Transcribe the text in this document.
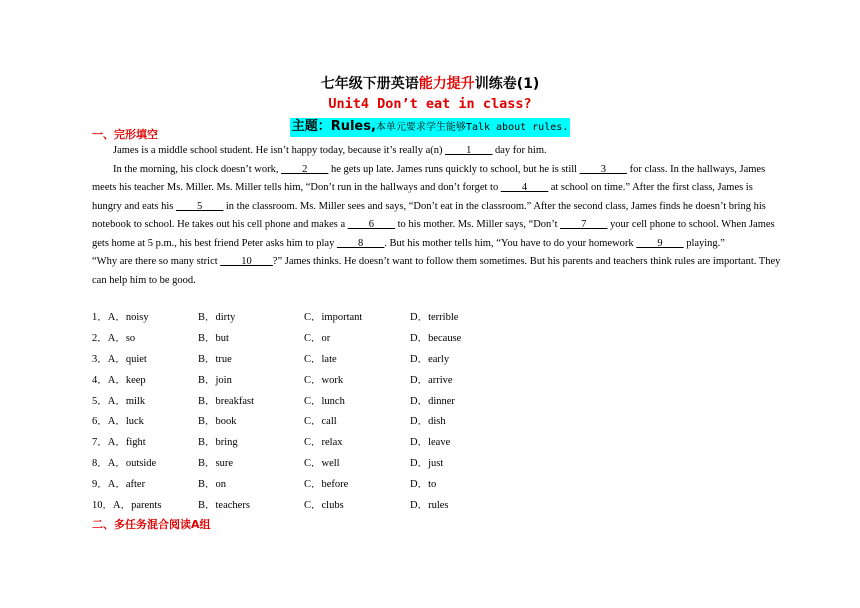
七年级下册英语能力提升训练卷(1)
Unit4 Don’t eat in class?
主题：Rules,本单元要求学生能够Talk about rules.
一、完形填空

James is a middle school student. He isn’t happy today, because it’s really a(n) ____1____ day for him.

In the morning, his clock doesn’t work, ____2____ he gets up late. James runs quickly to school, but he is still ____3____ for class. In the hallways, James meets his teacher Ms. Miller. Ms. Miller tells him, “Don’t run in the hallways and don’t forget to ____4____ at school on time.” After the first class, James is hungry and eats his ____5____ in the classroom. Ms. Miller sees and says, “Don’t eat in the classroom.” After the second class, James finds he doesn’t bring his notebook to school. He takes out his cell phone and makes a ____6____ to his mother. Ms. Miller says, “Don’t ____7____ your cell phone to school. When James gets home at 5 p.m., his best friend Peter asks him to play ____8____. But his mother tells him, “You have to do your homework ____9____ playing.”

“Why are there so many strict ____10____?” James thinks. He doesn’t want to follow them sometimes. But his parents and teachers think rules are important. They can help him to be good.

1． A． noisy	B． dirty	C． important	D． terrible
2． A． so	B． but	C． or	D． because
3． A． quiet	B． true	C． late	D． early
4． A． keep	B． join	C． work	D． arrive
5． A． milk	B． breakfast	C． lunch	D． dinner
6． A． luck	B． book	C． call	D． dish
7． A． fight	B． bring	C． relax	D． leave
8． A． outside	B． sure	C． well	D． just
9． A． after	B． on	C． before	D． to
10． A． parents	B． teachers	C． clubs	D． rules
二、多任务混合阅读A组
